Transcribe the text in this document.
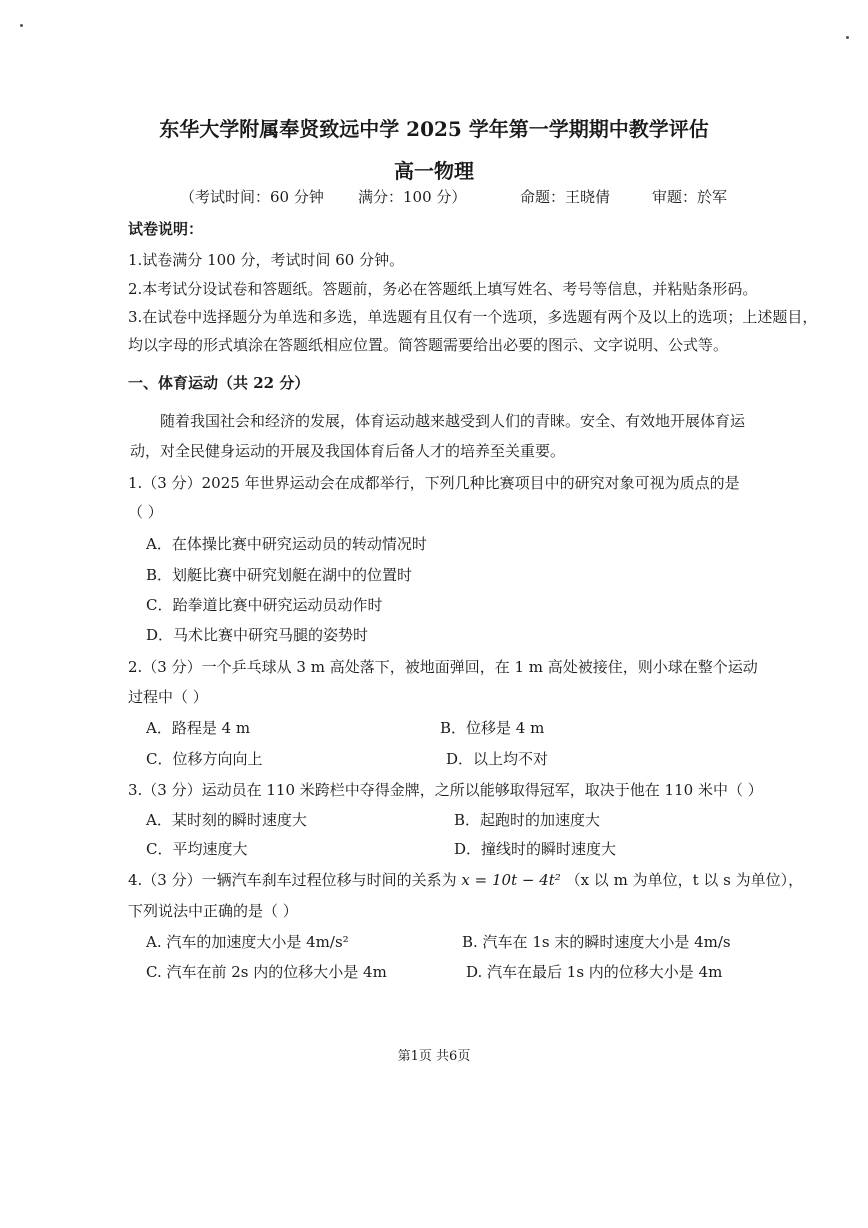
东华大学附属奉贤致远中学 2025 学年第一学期期中教学评估
高一物理
（考试时间：60 分钟 满分：100 分）	命题：王晓倩	审题：於军
试卷说明：
1.试卷满分 100 分，考试时间 60 分钟。
2.本考试分设试卷和答题纸。答题前，务必在答题纸上填写姓名、考号等信息，并粘贴条形码。
3.在试卷中选择题分为单选和多选，单选题有且仅有一个选项，多选题有两个及以上的选项；上述题目，
均以字母的形式填涂在答题纸相应位置。简答题需要给出必要的图示、文字说明、公式等。
一、体育运动（共 22 分）
随着我国社会和经济的发展，体育运动越来越受到人们的青睐。安全、有效地开展体育运
动，对全民健身运动的开展及我国体育后备人才的培养至关重要。
1.（3 分）2025 年世界运动会在成都举行，下列几种比赛项目中的研究对象可视为质点的是
（ ）
A．在体操比赛中研究运动员的转动情况时
B．划艇比赛中研究划艇在湖中的位置时
C．跆拳道比赛中研究运动员动作时
D．马术比赛中研究马腿的姿势时
2.（3 分）一个乒乓球从 3 m 高处落下，被地面弹回，在 1 m 高处被接住，则小球在整个运动
过程中（ ）
A．路程是 4 m	B．位移是 4 m
C．位移方向向上	D．以上均不对
3.（3 分）运动员在 110 米跨栏中夺得金牌，之所以能够取得冠军，取决于他在 110 米中（ ）
A．某时刻的瞬时速度大	B．起跑时的加速度大
C．平均速度大	D．撞线时的瞬时速度大
4.（3 分）一辆汽车刹车过程位移与时间的关系为 x = 10t − 4t² （x 以 m 为单位，t 以 s 为单位），
下列说法中正确的是（ ）
A. 汽车的加速度大小是 4m/s²	B. 汽车在 1s 末的瞬时速度大小是 4m/s
C. 汽车在前 2s 内的位移大小是 4m	D. 汽车在最后 1s 内的位移大小是 4m
第1页 共6页
